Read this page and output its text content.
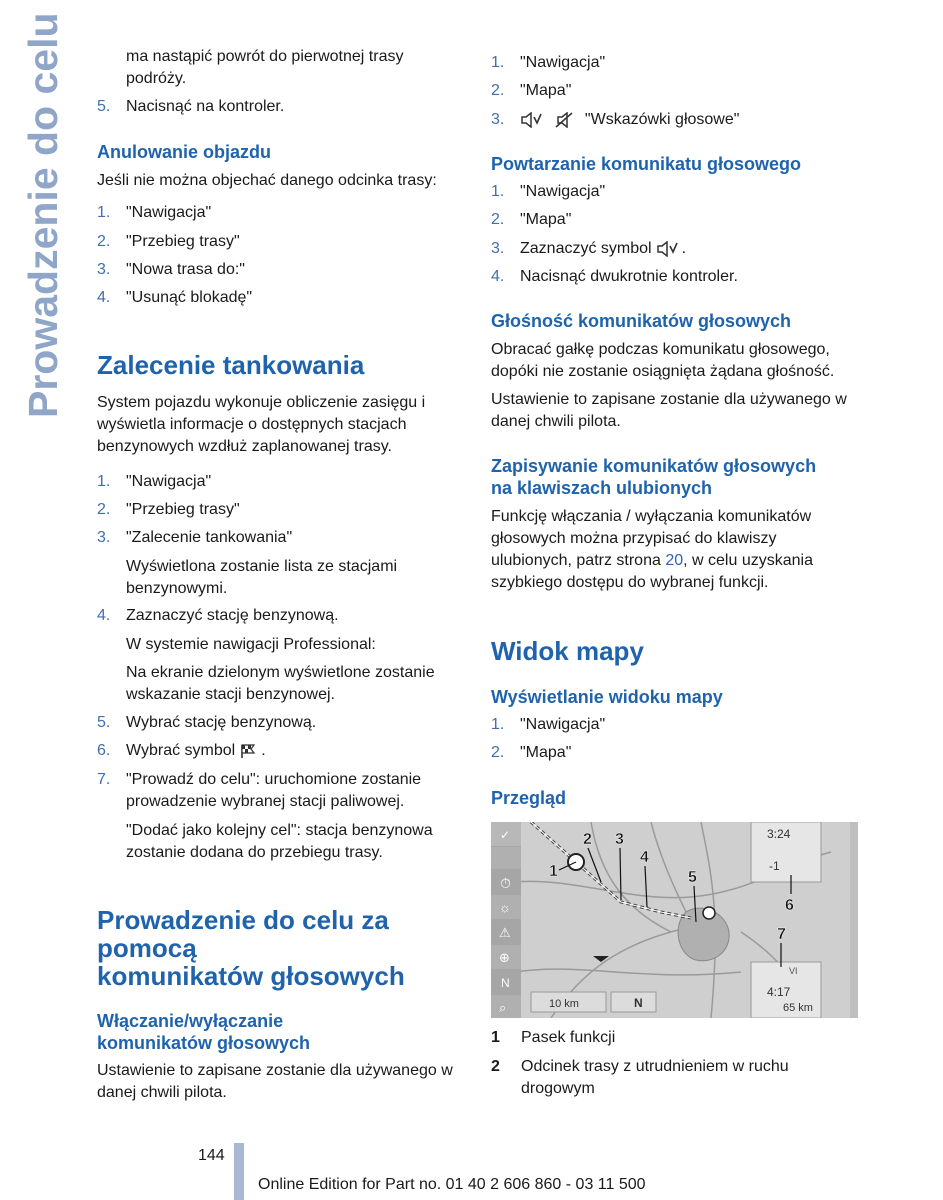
Prowadzenie do celu	ma nastąpić powrót do pierwotnej trasy podróży.
5. Nacisnąć na kontroler.
Anulowanie objazdu
Jeśli nie można objechać danego odcinka trasy:
1. "Nawigacja"
2. "Przebieg trasy"
3. "Nowa trasa do:"
4. "Usunąć blokadę"
Zalecenie tankowania
System pojazdu wykonuje obliczenie zasięgu i wyświetla informacje o dostępnych stacjach benzynowych wzdłuż zaplanowanej trasy.
1. "Nawigacja"
2. "Przebieg trasy"
3. "Zalecenie tankowania"
Wyświetlona zostanie lista ze stacjami benzynowymi.
4. Zaznaczyć stację benzynową.
W systemie nawigacji Professional:
Na ekranie dzielonym wyświetlone zostanie wskazanie stacji benzynowej.
5. Wybrać stację benzynową.
6. Wybrać symbol .
7. "Prowadź do celu": uruchomione zostanie prowadzenie wybranej stacji paliwowej.
"Dodać jako kolejny cel": stacja benzynowa zostanie dodana do przebiegu trasy.
Prowadzenie do celu za pomocą
komunikatów głosowych
Włączanie/wyłączanie
komunikatów głosowych
Ustawienie to zapisane zostanie dla używanego w danej chwili pilota.
1. "Nawigacja"
2. "Mapa"
3.	"Wskazówki głosowe"
Powtarzanie komunikatu głosowego
1. "Nawigacja"
2. "Mapa"
3. Zaznaczyć symbol .
4. Nacisnąć dwukrotnie kontroler.
Głośność komunikatów głosowych
Obracać gałkę podczas komunikatu głosowego, dopóki nie zostanie osiągnięta żądana głośność.
Ustawienie to zapisane zostanie dla używanego w danej chwili pilota.
Zapisywanie komunikatów głosowych
na klawiszach ulubionych
Funkcję włączania / wyłączania komunikatów głosowych można przypisać do klawiszy ulubionych, patrz strona 20, w celu uzyskania szybkiego dostępu do wybranej funkcji.
Widok mapy
Wyświetlanie widoku mapy
1. "Nawigacja"
2. "Mapa"
Przegląd
✓
⏱
☼
⚠
⊕
N
⌕
3:24
-1
VI
4:17
65 km
10 km	N
1
2 3
4
5
6
7
1 Pasek funkcji
2 Odcinek trasy z utrudnieniem w ruchu drogowym
144
Online Edition for Part no. 01 40 2 606 860 - 03 11 500
